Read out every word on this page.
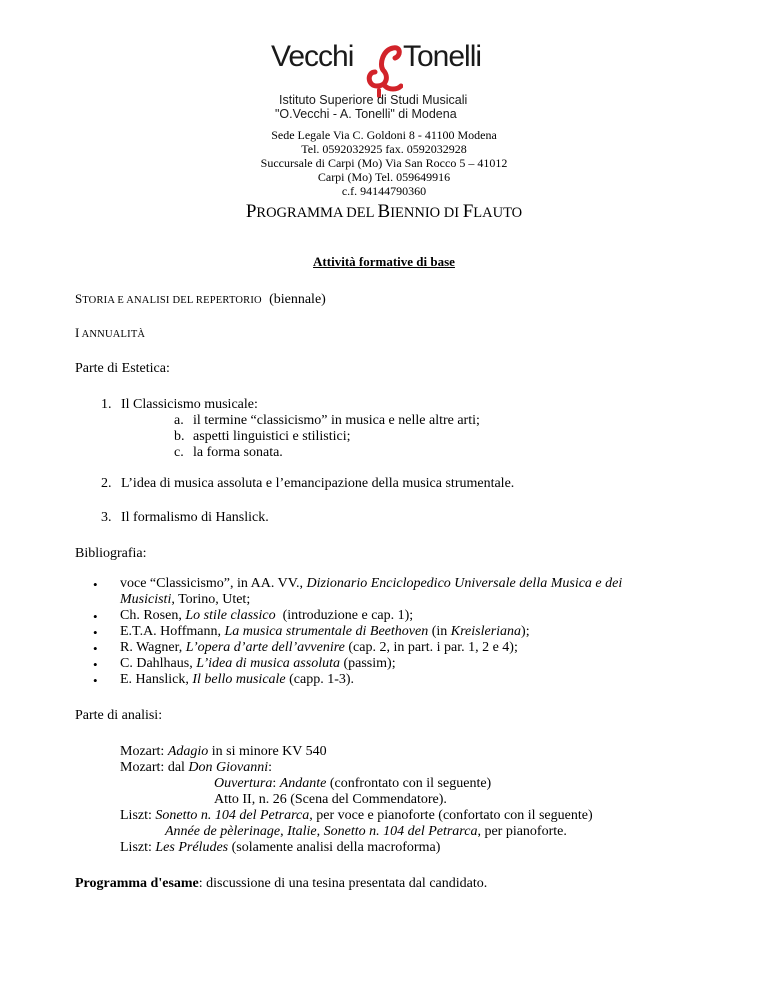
Vecchi Tonelli
Istituto Superiore di Studi Musicali
"O.Vecchi - A. Tonelli" di Modena
Sede Legale Via C. Goldoni 8 - 41100 Modena
Tel. 0592032925 fax. 0592032928
Succursale di Carpi (Mo) Via San Rocco 5 – 41012
Carpi (Mo) Tel. 059649916
c.f. 94144790360
PROGRAMMA DEL BIENNIO DI FLAUTO
Attività formative di base
STORIA E ANALISI DEL REPERTORIO (biennale)
I ANNUALITÀ
Parte di Estetica:
1. Il Classicismo musicale:
a. il termine “classicismo” in musica e nelle altre arti;
b. aspetti linguistici e stilistici;
c. la forma sonata.
2. L’idea di musica assoluta e l’emancipazione della musica strumentale.
3. Il formalismo di Hanslick.
Bibliografia:
• voce “Classicismo”, in AA. VV., Dizionario Enciclopedico Universale della Musica e dei
Musicisti, Torino, Utet;
• Ch. Rosen, Lo stile classico  (introduzione e cap. 1);
• E.T.A. Hoffmann, La musica strumentale di Beethoven (in Kreisleriana);
• R. Wagner, L’opera d’arte dell’avvenire (cap. 2, in part. i par. 1, 2 e 4);
• C. Dahlhaus, L’idea di musica assoluta (passim);
• E. Hanslick, Il bello musicale (capp. 1-3).
Parte di analisi:
Mozart: Adagio in si minore KV 540
Mozart: dal Don Giovanni:
Ouvertura: Andante (confrontato con il seguente)
Atto II, n. 26 (Scena del Commendatore).
Liszt: Sonetto n. 104 del Petrarca, per voce e pianoforte (confortato con il seguente)
Année de pèlerinage, Italie, Sonetto n. 104 del Petrarca, per pianoforte.
Liszt: Les Préludes (solamente analisi della macroforma)
Programma d'esame: discussione di una tesina presentata dal candidato.
